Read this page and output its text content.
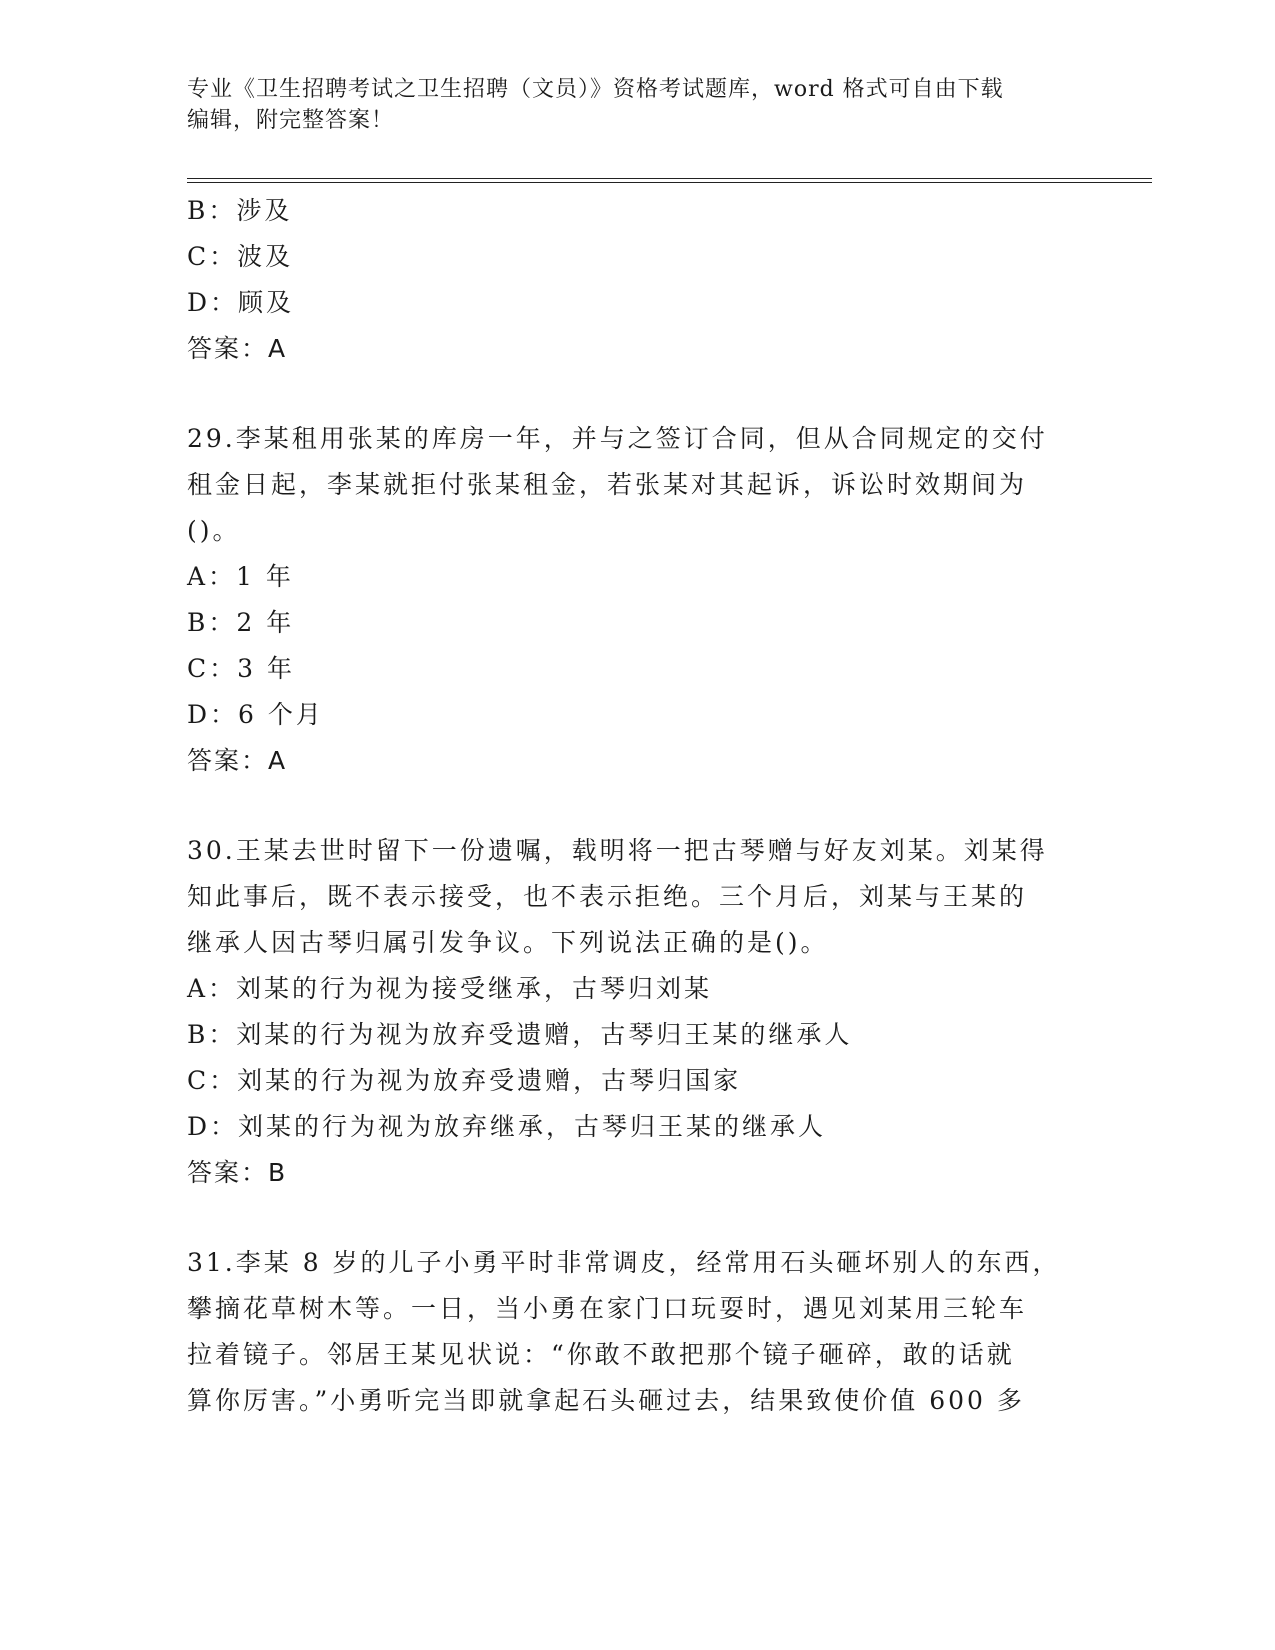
专业《卫生招聘考试之卫生招聘（文员）》资格考试题库，word 格式可自由下载
编辑，附完整答案！
B：涉及
C：波及
D：顾及
答案：A
29.李某租用张某的库房一年，并与之签订合同，但从合同规定的交付
租金日起，李某就拒付张某租金，若张某对其起诉，诉讼时效期间为
()。
A：1 年
B：2 年
C：3 年
D：6 个月
答案：A
30.王某去世时留下一份遗嘱，载明将一把古琴赠与好友刘某。刘某得
知此事后，既不表示接受，也不表示拒绝。三个月后，刘某与王某的
继承人因古琴归属引发争议。下列说法正确的是()。
A：刘某的行为视为接受继承，古琴归刘某
B：刘某的行为视为放弃受遗赠，古琴归王某的继承人
C：刘某的行为视为放弃受遗赠，古琴归国家
D：刘某的行为视为放弃继承，古琴归王某的继承人
答案：B
31.李某 8 岁的儿子小勇平时非常调皮，经常用石头砸坏别人的东西，
攀摘花草树木等。一日，当小勇在家门口玩耍时，遇见刘某用三轮车
拉着镜子。邻居王某见状说：“你敢不敢把那个镜子砸碎，敢的话就
算你厉害。”小勇听完当即就拿起石头砸过去，结果致使价值 600 多
